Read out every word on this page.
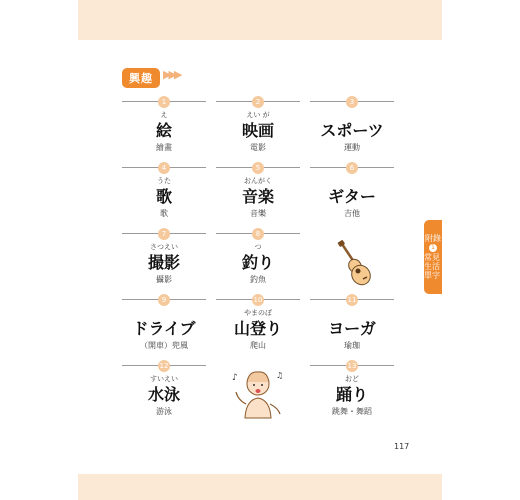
興趣 ▶▶▶
1
え
絵
繪畫
2
えい が
映画
電影
3
スポーツ
運動
4
うた
歌
歌
5
おんがく
音楽
音樂
6
ギター
吉他
7
さつえい
撮影
攝影
8
つ
釣り
釣魚
9
ドライブ
（開車）兜風
10
やまのぼ
山登り
爬山
11
ヨーガ
瑜珈
12
すいえい
水泳
游泳
♪	♫
13
おど
踊り
跳舞・舞蹈
附錄
1
常見生活單字
117
